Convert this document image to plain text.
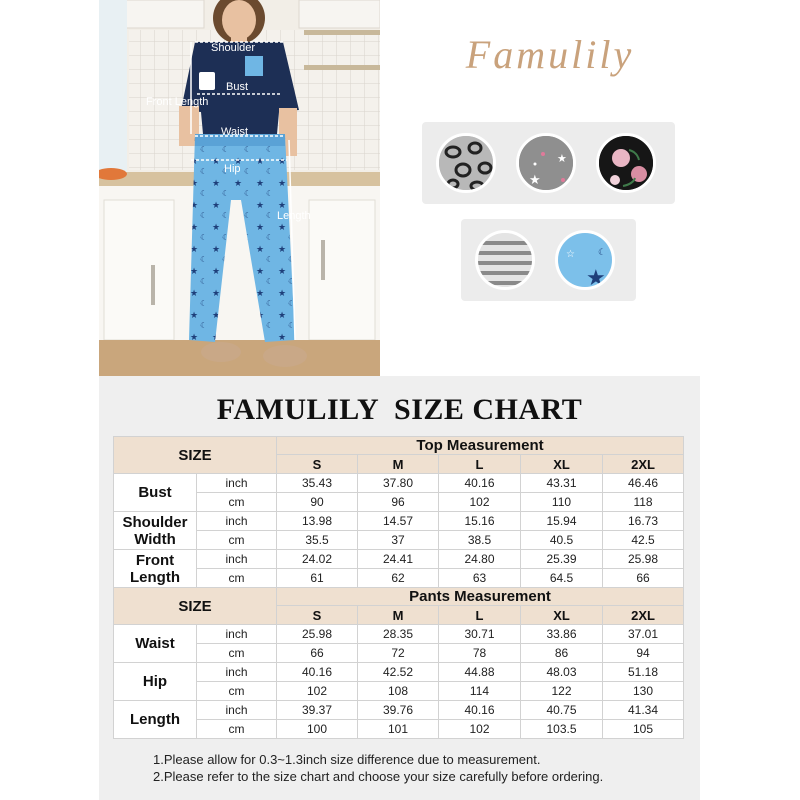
Shoulder
Bust
Front Length
Waist
Hip
Length
Famulily
★
★
★
☆	☾
FAMULILY  SIZE CHART
SIZE		Top Measurement				
		S	M	L	XL	2XL
Bust	inch	35.43	37.80	40.16	43.31	46.46
	cm	90	96	102	110	118
Shoulder Width	inch	13.98	14.57	15.16	15.94	16.73
	cm	35.5	37	38.5	40.5	42.5
Front Length	inch	24.02	24.41	24.80	25.39	25.98
	cm	61	62	63	64.5	66
SIZE		Pants Measurement				
		S	M	L	XL	2XL
Waist	inch	25.98	28.35	30.71	33.86	37.01
	cm	66	72	78	86	94
Hip	inch	40.16	42.52	44.88	48.03	51.18
	cm	102	108	114	122	130
Length	inch	39.37	39.76	40.16	40.75	41.34
	cm	100	101	102	103.5	105
1.Please allow for 0.3~1.3inch size difference due to measurement.
2.Please refer to the size chart and choose your size carefully before ordering.
